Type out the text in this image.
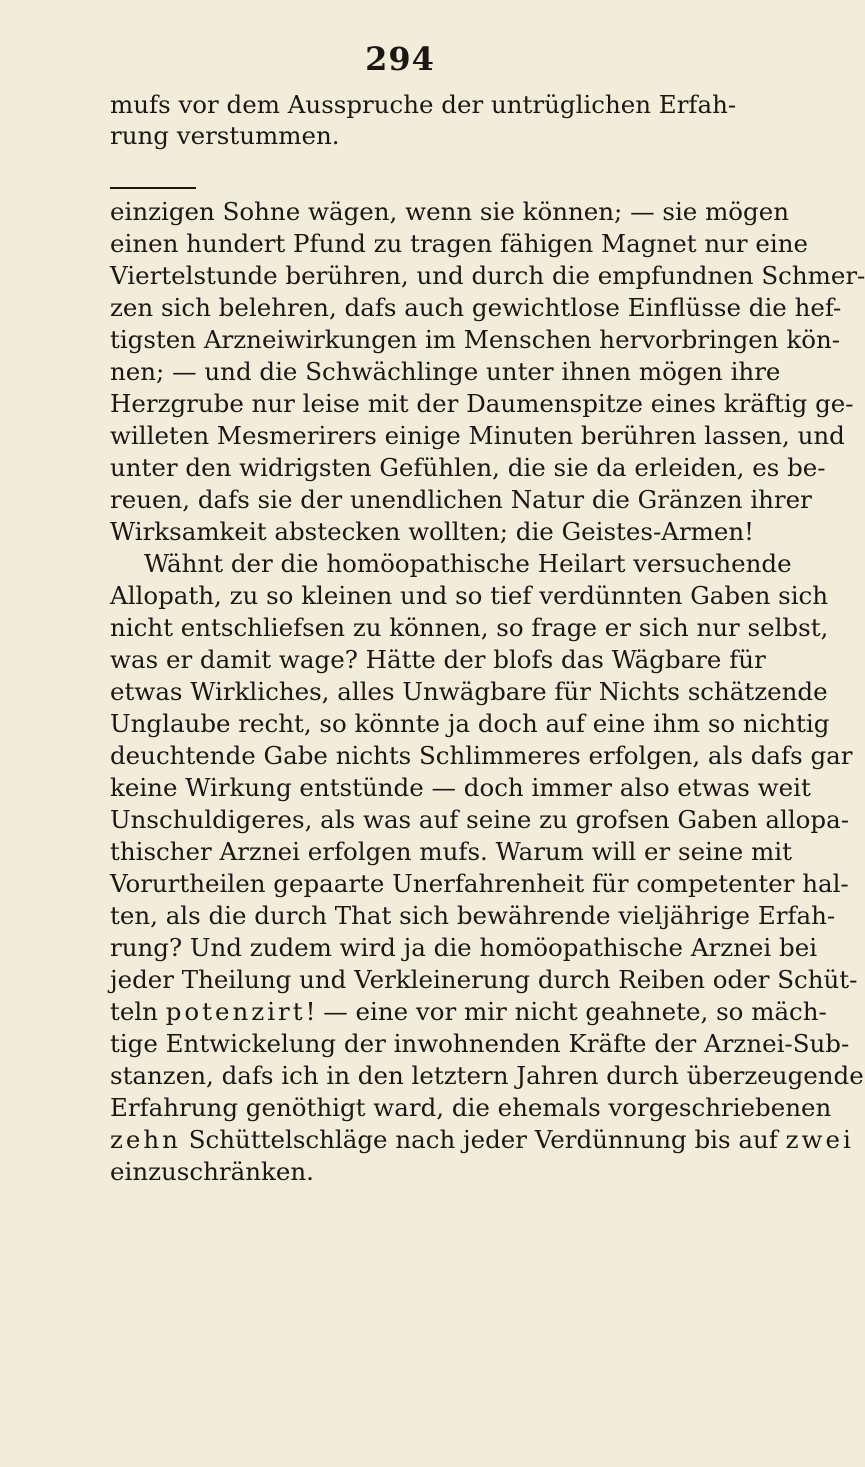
294
mufs vor dem Ausspruche der untrüglichen Erfah-
rung verstummen.
einzigen Sohne wägen, wenn sie können; — sie mögen
einen hundert Pfund zu tragen fähigen Magnet nur eine
Viertelstunde berühren, und durch die empfundnen Schmer-
zen sich belehren, dafs auch gewichtlose Einflüsse die hef-
tigsten Arzneiwirkungen im Menschen hervorbringen kön-
nen; — und die Schwächlinge unter ihnen mögen ihre
Herzgrube nur leise mit der Daumenspitze eines kräftig ge-
willeten Mesmerirers einige Minuten berühren lassen, und
unter den widrigsten Gefühlen, die sie da erleiden, es be-
reuen, dafs sie der unendlichen Natur die Gränzen ihrer
Wirksamkeit abstecken wollten; die Geistes-Armen!
Wähnt der die homöopathische Heilart versuchende
Allopath, zu so kleinen und so tief verdünnten Gaben sich
nicht entschliefsen zu können, so frage er sich nur selbst,
was er damit wage? Hätte der blofs das Wägbare für
etwas Wirkliches, alles Unwägbare für Nichts schätzende
Unglaube recht, so könnte ja doch auf eine ihm so nichtig
deuchtende Gabe nichts Schlimmeres erfolgen, als dafs gar
keine Wirkung entstünde — doch immer also etwas weit
Unschuldigeres, als was auf seine zu grofsen Gaben allopa-
thischer Arznei erfolgen mufs. Warum will er seine mit
Vorurtheilen gepaarte Unerfahrenheit für competenter hal-
ten, als die durch That sich bewährende vieljährige Erfah-
rung? Und zudem wird ja die homöopathische Arznei bei
jeder Theilung und Verkleinerung durch Reiben oder Schüt-
teln potenzirt! — eine vor mir nicht geahnete, so mäch-
tige Entwickelung der inwohnenden Kräfte der Arznei-Sub-
stanzen, dafs ich in den letztern Jahren durch überzeugende
Erfahrung genöthigt ward, die ehemals vorgeschriebenen
zehn Schüttelschläge nach jeder Verdünnung bis auf zwei
einzuschränken.
